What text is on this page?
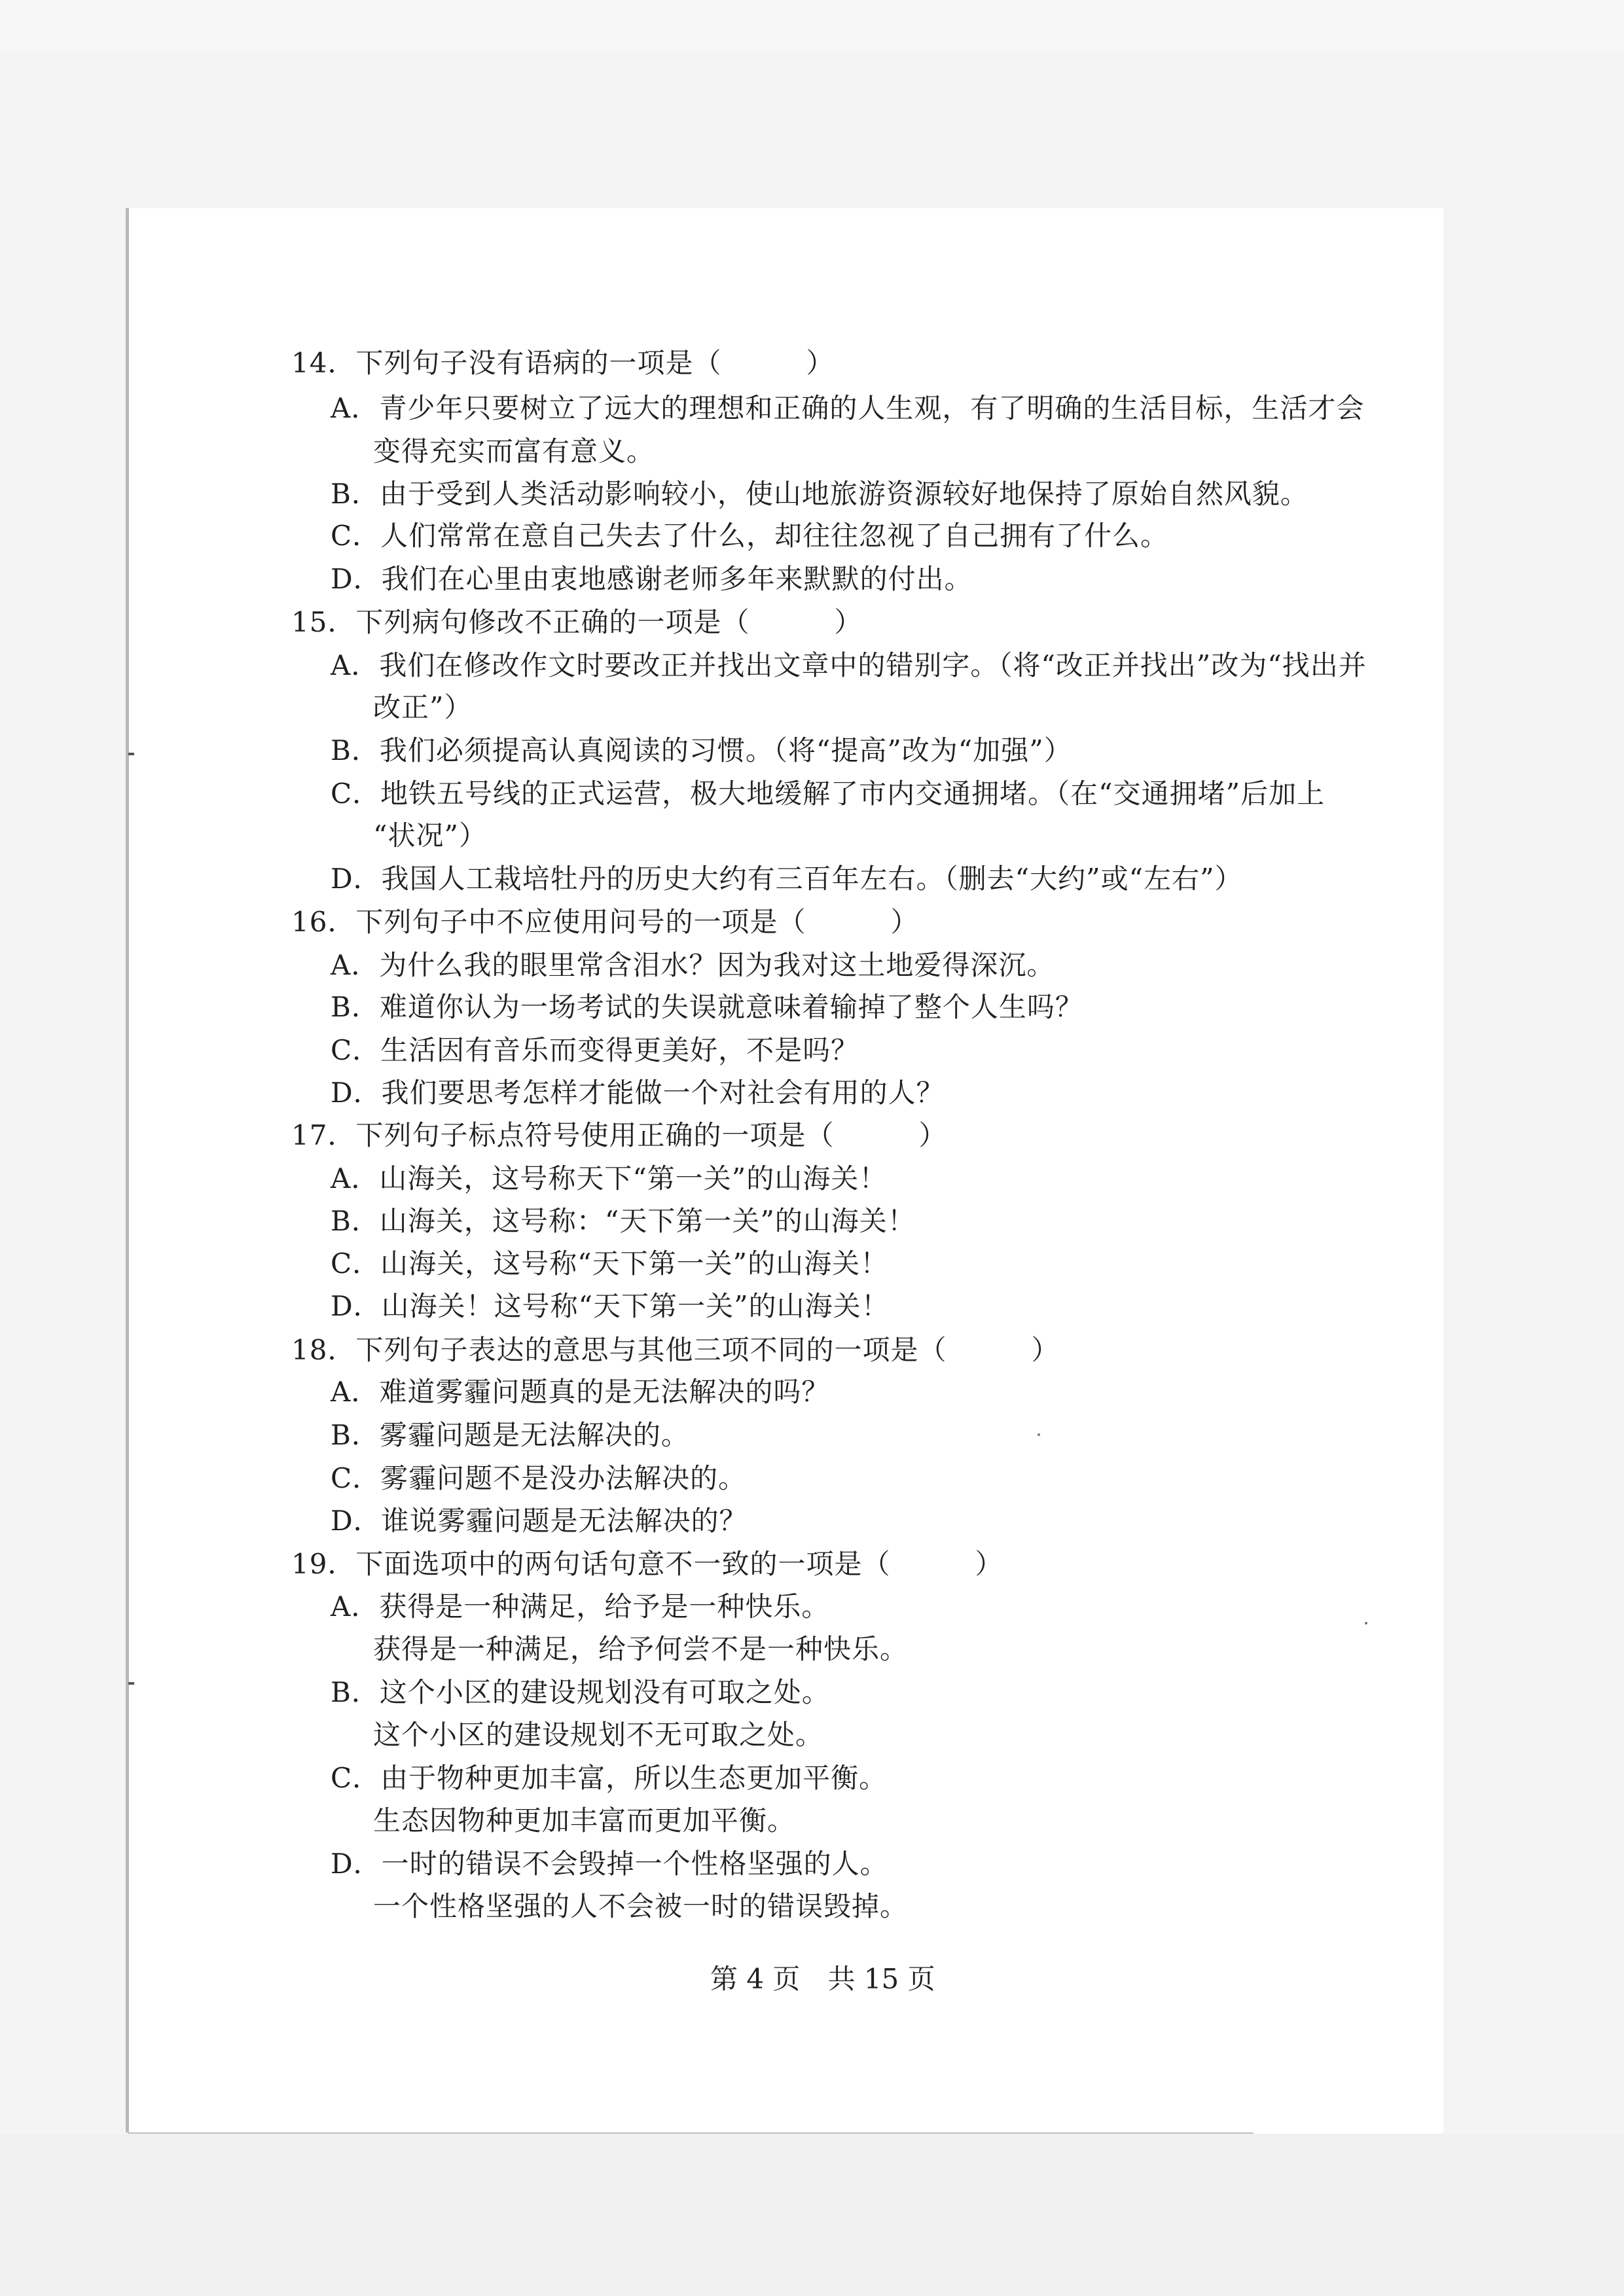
14．下列句子没有语病的一项是（　　　）
A．青少年只要树立了远大的理想和正确的人生观，有了明确的生活目标，生活才会
变得充实而富有意义。
B．由于受到人类活动影响较小，使山地旅游资源较好地保持了原始自然风貌。
C．人们常常在意自己失去了什么，却往往忽视了自己拥有了什么。
D．我们在心里由衷地感谢老师多年来默默的付出。
15．下列病句修改不正确的一项是（　　　）
A．我们在修改作文时要改正并找出文章中的错别字。（将“改正并找出”改为“找出并
改正”）
B．我们必须提高认真阅读的习惯。（将“提高”改为“加强”）
C．地铁五号线的正式运营，极大地缓解了市内交通拥堵。（在“交通拥堵”后加上
“状况”）
D．我国人工栽培牡丹的历史大约有三百年左右。（删去“大约”或“左右”）
16．下列句子中不应使用问号的一项是（　　　）
A．为什么我的眼里常含泪水？因为我对这土地爱得深沉。
B．难道你认为一场考试的失误就意味着输掉了整个人生吗？
C．生活因有音乐而变得更美好，不是吗？
D．我们要思考怎样才能做一个对社会有用的人？
17．下列句子标点符号使用正确的一项是（　　　）
A．山海关，这号称天下“第一关”的山海关！
B．山海关，这号称：“天下第一关”的山海关！
C．山海关，这号称“天下第一关”的山海关！
D．山海关！这号称“天下第一关”的山海关！
18．下列句子表达的意思与其他三项不同的一项是（　　　）
A．难道雾霾问题真的是无法解决的吗？
B．雾霾问题是无法解决的。
C．雾霾问题不是没办法解决的。
D．谁说雾霾问题是无法解决的？
19．下面选项中的两句话句意不一致的一项是（　　　）
A．获得是一种满足，给予是一种快乐。
获得是一种满足，给予何尝不是一种快乐。
B．这个小区的建设规划没有可取之处。
这个小区的建设规划不无可取之处。
C．由于物种更加丰富，所以生态更加平衡。
生态因物种更加丰富而更加平衡。
D．一时的错误不会毁掉一个性格坚强的人。
一个性格坚强的人不会被一时的错误毁掉。
第 4 页 共 15 页
